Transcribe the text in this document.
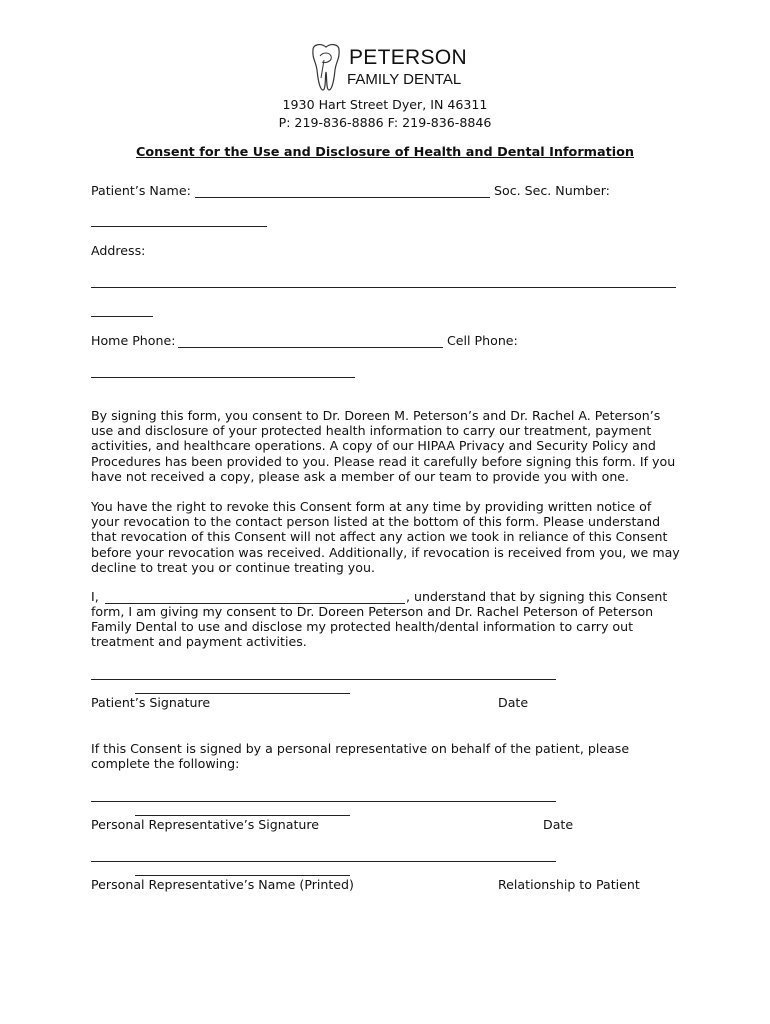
PETERSON
FAMILY DENTAL
1930 Hart Street Dyer, IN 46311
P: 219-836-8886 F: 219-836-8846
Consent for the Use and Disclosure of Health and Dental Information
Patient’s Name:	Soc. Sec. Number:
Address:
Home Phone:	Cell Phone:
By signing this form, you consent to Dr. Doreen M. Peterson’s and Dr. Rachel A. Peterson’s use and disclosure of your protected health information to carry our treatment, payment activities, and healthcare operations. A copy of our HIPAA Privacy and Security Policy and Procedures has been provided to you. Please read it carefully before signing this form. If you have not received a copy, please ask a member of our team to provide you with one.
You have the right to revoke this Consent form at any time by providing written notice of your revocation to the contact person listed at the bottom of this form. Please understand that revocation of this Consent will not affect any action we took in reliance of this Consent before your revocation was received. Additionally, if revocation is received from you, we may decline to treat you or continue treating you.
I,	, understand that by signing this Consent
form, I am giving my consent to Dr. Doreen Peterson and Dr. Rachel Peterson of Peterson Family Dental to use and disclose my protected health/dental information to carry out treatment and payment activities.
Patient’s Signature	Date
If this Consent is signed by a personal representative on behalf of the patient, please complete the following:
Personal Representative’s Signature	Date
Personal Representative’s Name (Printed)	Relationship to Patient
